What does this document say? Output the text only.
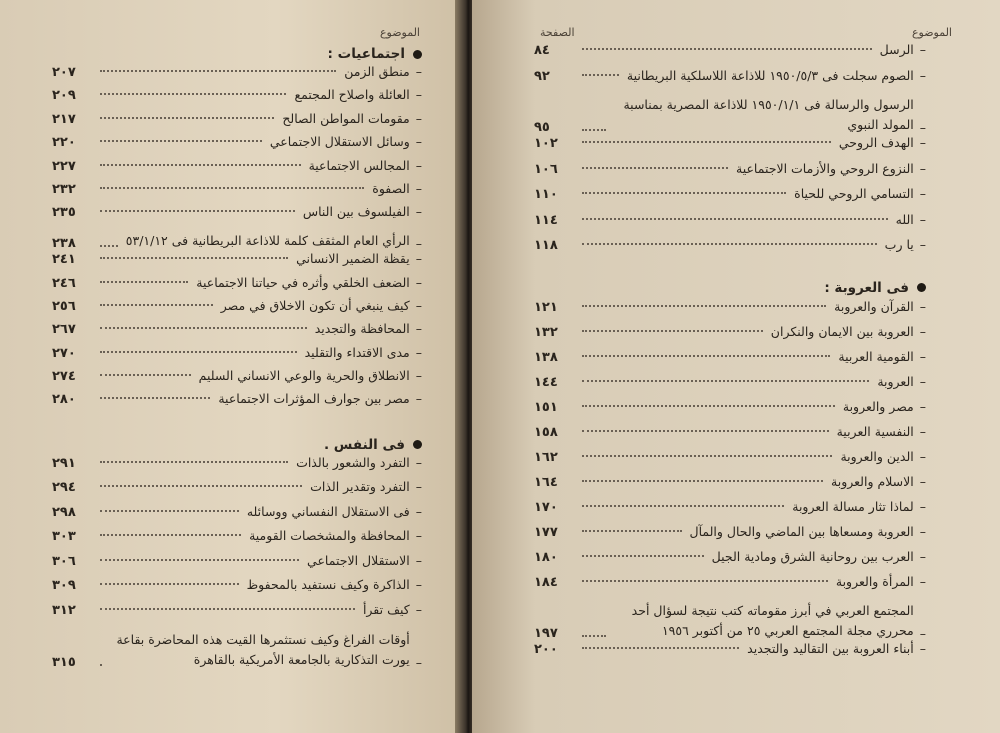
الموضوع
اجتماعيات :
–
منطق الزمن
٢٠٧
–
العائلة واصلاح المجتمع
٢٠٩
–
مقومات المواطن الصالح
٢١٧
–
وسائل الاستقلال الاجتماعي
٢٢٠
–
المجالس الاجتماعية
٢٢٧
–
الصفوة
٢٣٢
–
الفيلسوف بين الناس
٢٣٥
–
الرأي العام المثقف كلمة للاذاعة البريطانية فى ٥٣/١/١٢
٢٣٨
–
يقظة الضمير الانساني
٢٤١
–
الضعف الخلقي وأثره في حياتنا الاجتماعية
٢٤٦
–
كيف ينبغي أن تكون الاخلاق في مصر
٢٥٦
–
المحافظة والتجديد
٢٦٧
–
مدى الاقتداء والتقليد
٢٧٠
–
الانطلاق والحرية والوعي الانساني السليم
٢٧٤
–
مصر بين جوارف المؤثرات الاجتماعية
٢٨٠
فى النفس .
–
التفرد والشعور بالذات
٢٩١
–
التفرد وتقدير الذات
٢٩٤
–
فى الاستقلال النفساني ووسائله
٢٩٨
–
المحافظة والمشخصات القومية
٣٠٣
–
الاستقلال الاجتماعي
٣٠٦
–
الذاكرة وكيف نستفيد بالمحفوظ
٣٠٩
–
كيف تقرأ
٣١٢
–
أوقات الفراغ وكيف نستثمرها القيت هذه المحاضرة بقاعة يورت التذكارية بالجامعة الأمريكية بالقاهرة
٣١٥
الموضوع
الصفحة
–
الرسل
٨٤
–
الصوم سجلت فى ١٩٥٠/٥/٣ للاذاعة اللاسلكية البريطانية
٩٢
–
الرسول والرسالة فى ١٩٥٠/١/١ للاذاعة المصرية بمناسبة المولد النبوي
٩٥
–
الهدف الروحي
١٠٢
–
النزوع الروحي والأزمات الاجتماعية
١٠٦
–
التسامي الروحي للحياة
١١٠
–
الله
١١٤
–
يا رب
١١٨
فى العروبة :
–
القرآن والعروبة
١٢١
–
العروبة بين الايمان والنكران
١٣٢
–
القومية العربية
١٣٨
–
العروبة
١٤٤
–
مصر والعروبة
١٥١
–
النفسية العربية
١٥٨
–
الدين والعروبة
١٦٢
–
الاسلام والعروبة
١٦٤
–
لماذا تثار مسالة العروبة
١٧٠
–
العروبة ومسعاها بين الماضي والحال والمآل
١٧٧
–
العرب بين روحانية الشرق ومادية الجيل
١٨٠
–
المرأة والعروبة
١٨٤
–
المجتمع العربي في أبرز مقوماته كتب نتيجة لسؤال أحد محرري مجلة المجتمع العربي ٢٥ من أكتوبر ١٩٥٦
١٩٧
–
أبناء العروبة بين التقاليد والتجديد
٢٠٠
